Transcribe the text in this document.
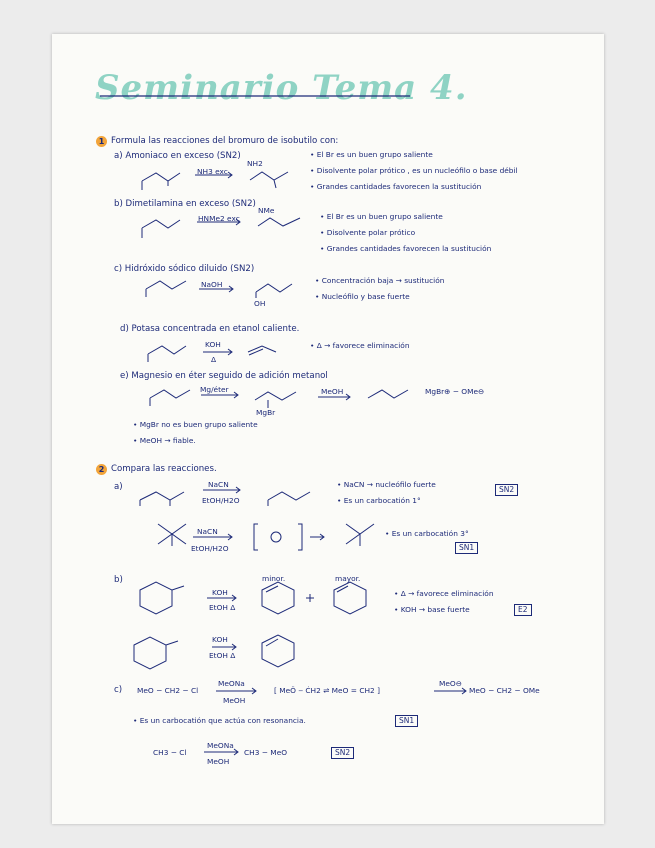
Seminario Tema 4.
1 Formula las reacciones del bromuro de isobutilo con:
a) Amoniaco en exceso (SN2)
NH3 exc
NH2
• El Br es un buen grupo saliente
• Disolvente polar prótico , es un nucleófilo o base débil
• Grandes cantidades favorecen la sustitución
b) Dimetilamina en exceso (SN2)
HNMe2 exc
NMe
• El Br es un buen grupo saliente
• Disolvente polar prótico
• Grandes cantidades favorecen la sustitución
c) Hidróxido sódico diluido (SN2)
NaOH
OH
• Concentración baja → sustitución
• Nucleófilo y base fuerte
d) Potasa concentrada en etanol caliente.
KOH
Δ
• Δ → favorece eliminación
e) Magnesio en éter seguido de adición metanol
Mg/éter
MgBr
MeOH	MgBr⊕ − OMe⊖
• MgBr no es buen grupo saliente
• MeOH → fiable.
2 Compara las reacciones.
a)	NaCN
EtOH/H2O
• NaCN → nucleófilo fuerte
• Es un carbocatión 1°
SN2
NaCN
EtOH/H2O
• Es un carbocatión 3°
SN1
b)	minor.	mayor.
KOH
EtOH Δ
• Δ → favorece eliminación
• KOH → base fuerte	E2
KOH
EtOH Δ
c) MeO − CH2 − Cl
MeONa
MeOH
[ MeÖ ‒ ĊH2 ⇌ MeO = CH2 ]
MeO⊖
MeO − CH2 − OMe
• Es un carbocatión que actúa con resonancia.	SN1
CH3 − Cl
MeONa
MeOH
CH3 − MeO	SN2
